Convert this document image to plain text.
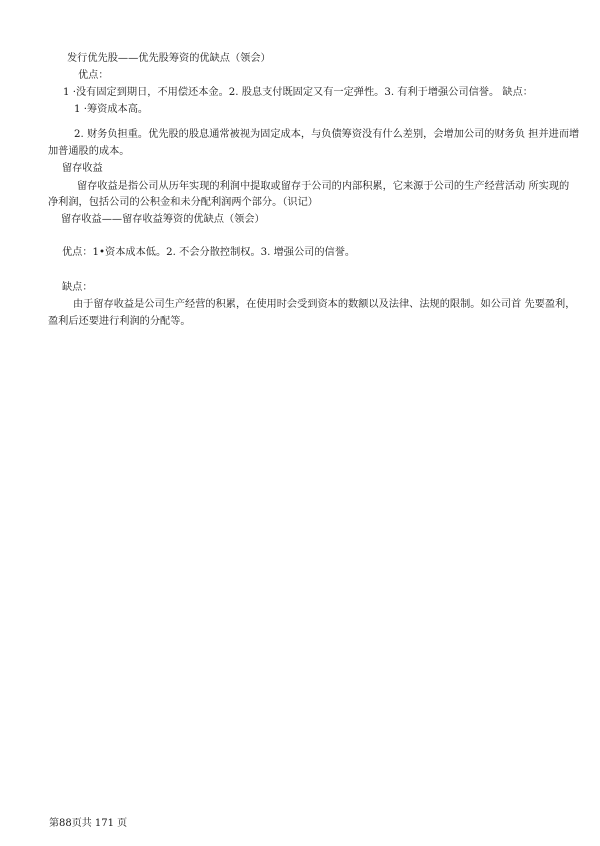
发行优先股——优先股筹资的优缺点（领会）
优点：
1 ·没有固定到期日，不用偿还本金。2. 股息支付既固定又有一定弹性。3. 有利于增强公司信誉。 缺点：
1 ·筹资成本高。
2. 财务负担重。优先股的股息通常被视为固定成本，与负债筹资没有什么差别，会增加公司的财务负 担并进而增
加普通股的成本。
留存收益
留存收益是指公司从历年实现的利润中提取或留存于公司的内部积累，它来源于公司的生产经营活动 所实现的
净利润，包括公司的公积金和未分配利润两个部分。（识记）
留存收益——留存收益筹资的优缺点（领会）
优点：1•资本成本低。2. 不会分散控制权。3. 增强公司的信誉。
缺点：
由于留存收益是公司生产经营的积累，在使用时会受到资本的数额以及法律、法规的限制。如公司首 先要盈利，
盈利后还要进行利润的分配等。
第88页共 171 页
